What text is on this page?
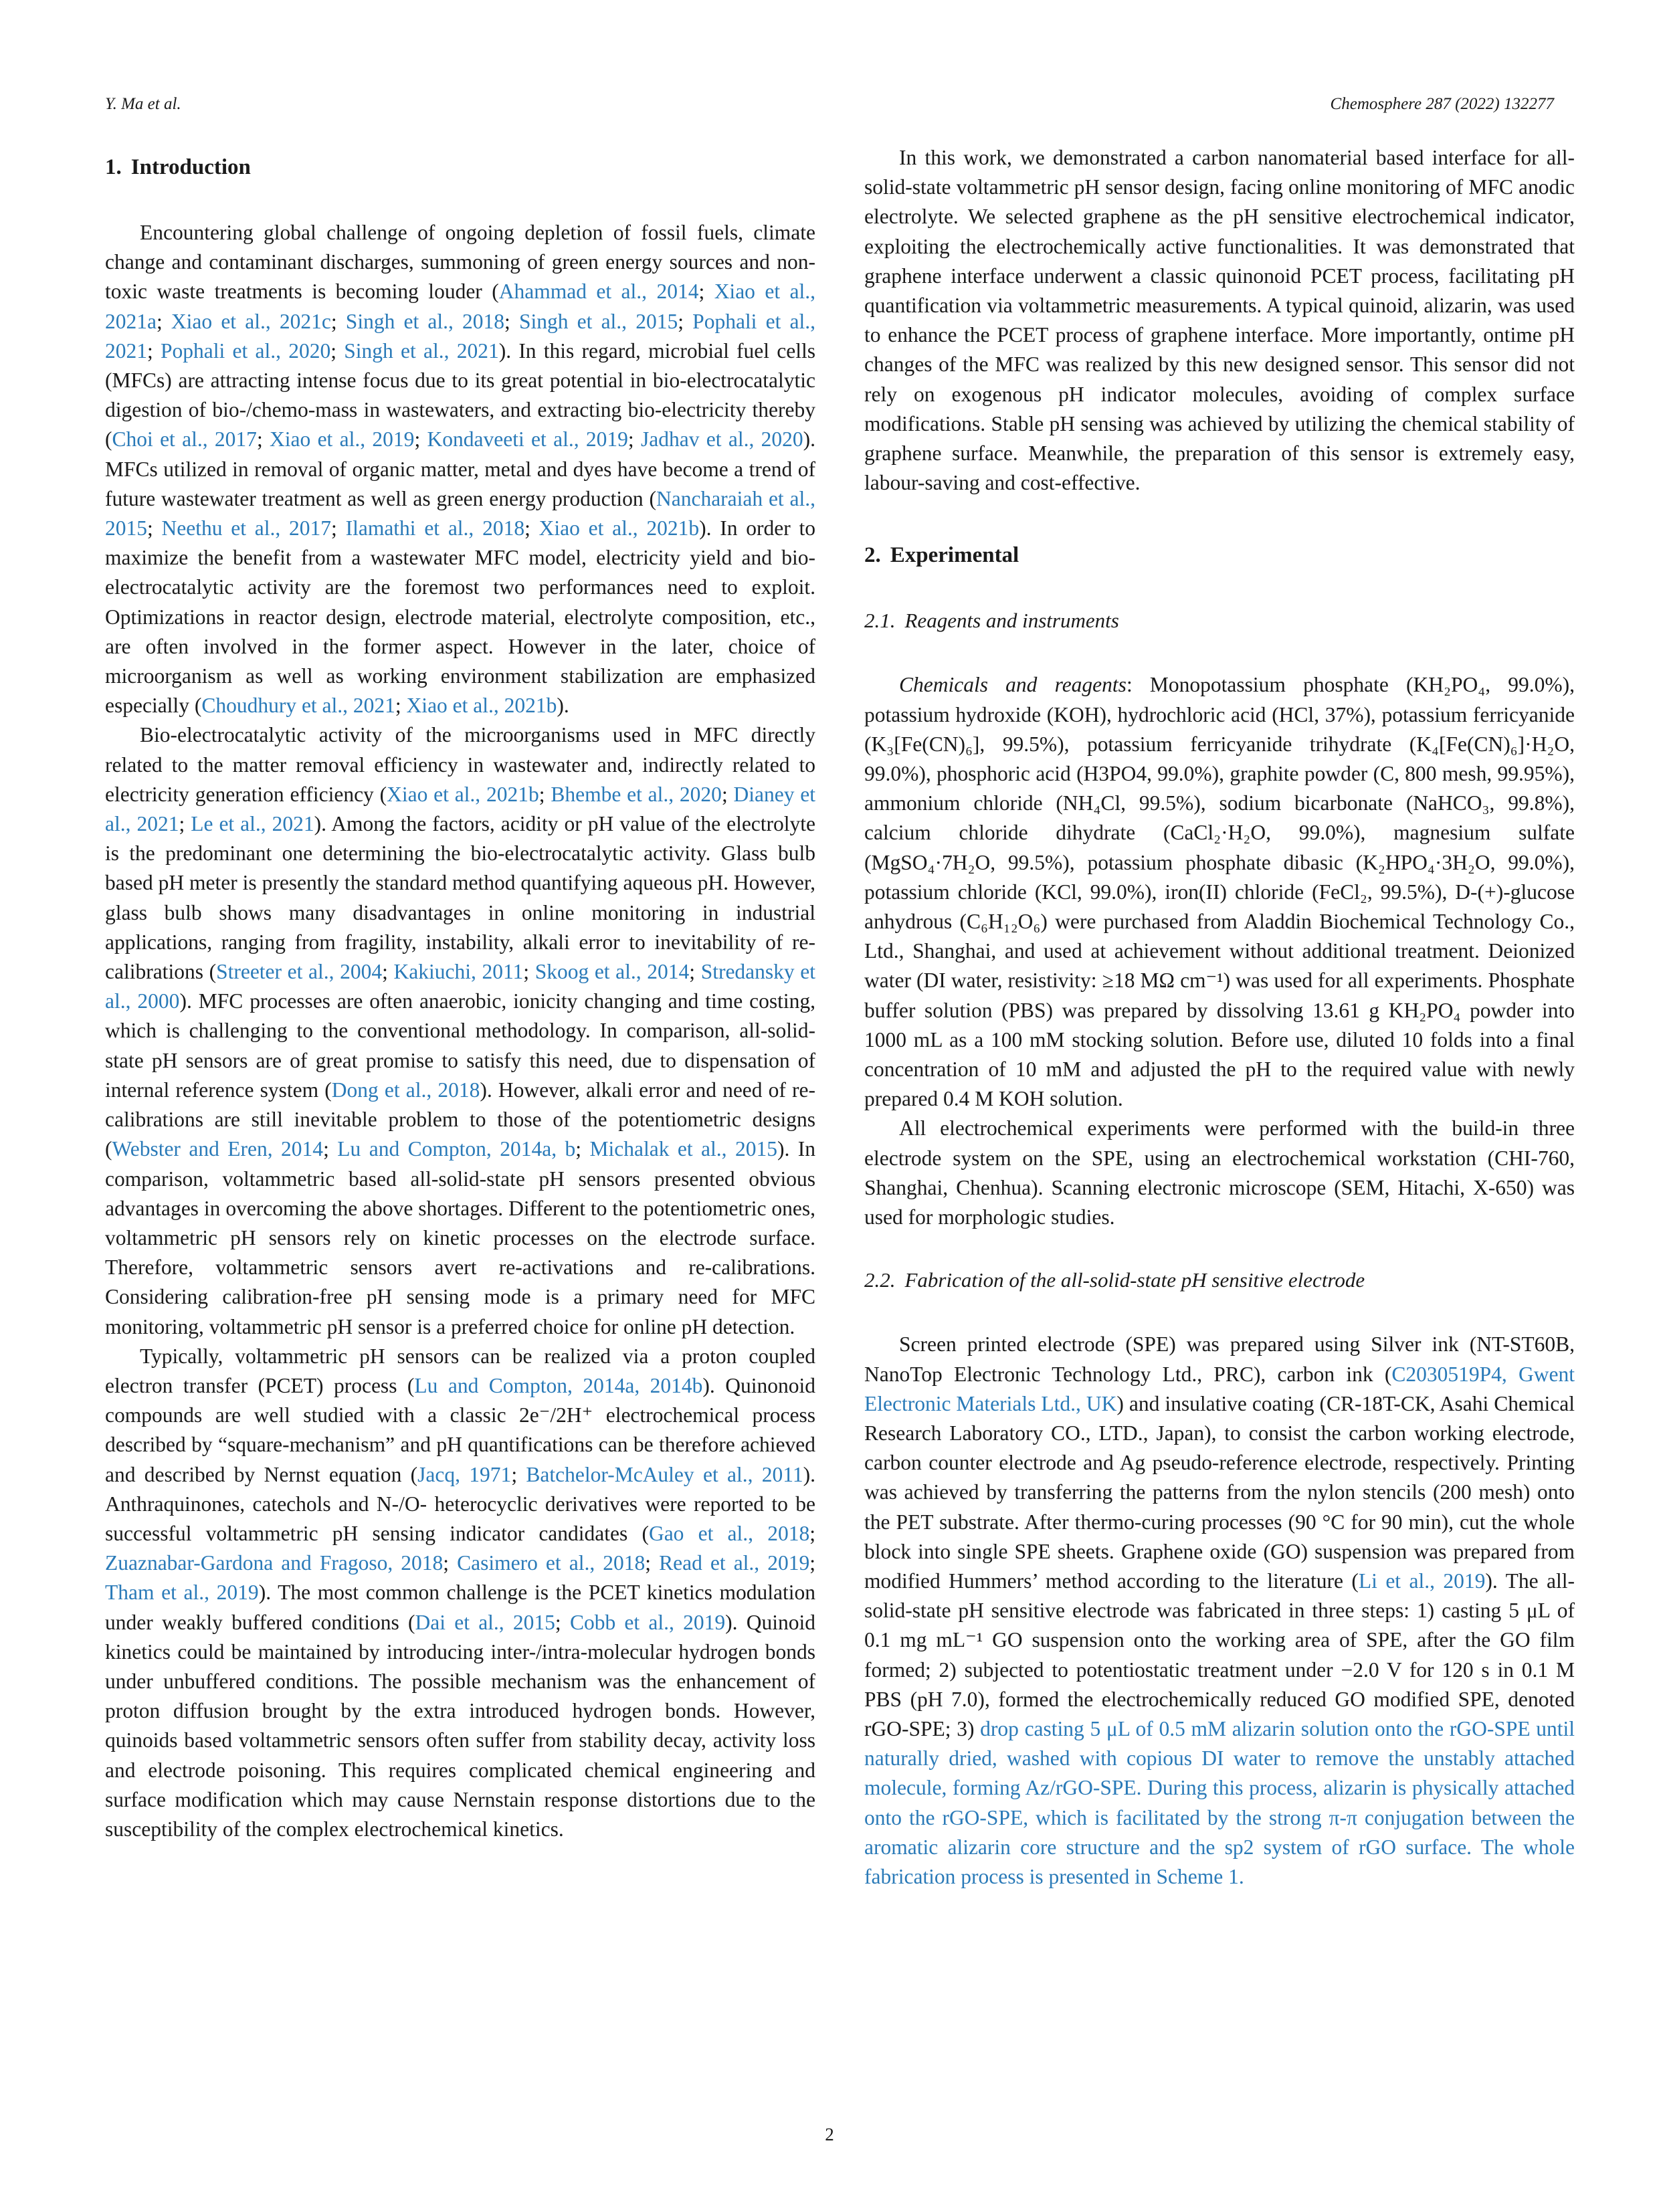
Y. Ma et al.	Chemosphere 287 (2022) 132277
1. Introduction

Encountering global challenge of ongoing depletion of fossil fuels, climate change and contaminant discharges, summoning of green energy sources and non-toxic waste treatments is becoming louder (Ahammad et al., 2014; Xiao et al., 2021a; Xiao et al., 2021c; Singh et al., 2018; Singh et al., 2015; Pophali et al., 2021; Pophali et al., 2020; Singh et al., 2021). In this regard, microbial fuel cells (MFCs) are attracting intense focus due to its great potential in bio-electrocatalytic digestion of bio-/chemo-mass in wastewaters, and extracting bio-electricity thereby (Choi et al., 2017; Xiao et al., 2019; Kondaveeti et al., 2019; Jadhav et al., 2020). MFCs utilized in removal of organic matter, metal and dyes have become a trend of future wastewater treatment as well as green energy production (Nancharaiah et al., 2015; Neethu et al., 2017; Ilamathi et al., 2018; Xiao et al., 2021b). In order to maximize the benefit from a wastewater MFC model, electricity yield and bio-electrocatalytic activity are the foremost two performances need to exploit. Optimizations in reactor design, electrode material, electrolyte composition, etc., are often involved in the former aspect. However in the later, choice of microorganism as well as working environment stabilization are emphasized especially (Choudhury et al., 2021; Xiao et al., 2021b).

Bio-electrocatalytic activity of the microorganisms used in MFC directly related to the matter removal efficiency in wastewater and, indirectly related to electricity generation efficiency (Xiao et al., 2021b; Bhembe et al., 2020; Dianey et al., 2021; Le et al., 2021). Among the factors, acidity or pH value of the electrolyte is the predominant one determining the bio-electrocatalytic activity. Glass bulb based pH meter is presently the standard method quantifying aqueous pH. However, glass bulb shows many disadvantages in online monitoring in industrial applications, ranging from fragility, instability, alkali error to inevitability of re-calibrations (Streeter et al., 2004; Kakiuchi, 2011; Skoog et al., 2014; Stredansky et al., 2000). MFC processes are often anaerobic, ionicity changing and time costing, which is challenging to the conventional methodology. In comparison, all-solid-state pH sensors are of great promise to satisfy this need, due to dispensation of internal reference system (Dong et al., 2018). However, alkali error and need of re-calibrations are still inevitable problem to those of the potentiometric designs (Webster and Eren, 2014; Lu and Compton, 2014a, b; Michalak et al., 2015). In comparison, voltammetric based all-solid-state pH sensors presented obvious advantages in overcoming the above shortages. Different to the potentiometric ones, voltammetric pH sensors rely on kinetic processes on the electrode surface. Therefore, voltammetric sensors avert re-activations and re-calibrations. Considering calibration-free pH sensing mode is a primary need for MFC monitoring, voltammetric pH sensor is a preferred choice for online pH detection.

Typically, voltammetric pH sensors can be realized via a proton coupled electron transfer (PCET) process (Lu and Compton, 2014a, 2014b). Quinonoid compounds are well studied with a classic 2e⁻/2H⁺ electrochemical process described by “square-mechanism” and pH quantifications can be therefore achieved and described by Nernst equation (Jacq, 1971; Batchelor-McAuley et al., 2011). Anthraquinones, catechols and N-/O- heterocyclic derivatives were reported to be successful voltammetric pH sensing indicator candidates (Gao et al., 2018; Zuaznabar-Gardona and Fragoso, 2018; Casimero et al., 2018; Read et al., 2019; Tham et al., 2019). The most common challenge is the PCET kinetics modulation under weakly buffered conditions (Dai et al., 2015; Cobb et al., 2019). Quinoid kinetics could be maintained by introducing inter-/intra-molecular hydrogen bonds under unbuffered conditions. The possible mechanism was the enhancement of proton diffusion brought by the extra introduced hydrogen bonds. However, quinoids based voltammetric sensors often suffer from stability decay, activity loss and electrode poisoning. This requires complicated chemical engineering and surface modification which may cause Nernstain response distortions due to the susceptibility of the complex electrochemical kinetics.

In this work, we demonstrated a carbon nanomaterial based interface for all-solid-state voltammetric pH sensor design, facing online monitoring of MFC anodic electrolyte. We selected graphene as the pH sensitive electrochemical indicator, exploiting the electrochemically active functionalities. It was demonstrated that graphene interface underwent a classic quinonoid PCET process, facilitating pH quantification via voltammetric measurements. A typical quinoid, alizarin, was used to enhance the PCET process of graphene interface. More importantly, ontime pH changes of the MFC was realized by this new designed sensor. This sensor did not rely on exogenous pH indicator molecules, avoiding of complex surface modifications. Stable pH sensing was achieved by utilizing the chemical stability of graphene surface. Meanwhile, the preparation of this sensor is extremely easy, labour-saving and cost-effective.

2. Experimental
2.1. Reagents and instruments

Chemicals and reagents: Monopotassium phosphate (KH₂PO₄, 99.0%), potassium hydroxide (KOH), hydrochloric acid (HCl, 37%), potassium ferricyanide (K₃[Fe(CN)₆], 99.5%), potassium ferricyanide trihydrate (K₄[Fe(CN)₆]·H₂O, 99.0%), phosphoric acid (H3PO4, 99.0%), graphite powder (C, 800 mesh, 99.95%), ammonium chloride (NH₄Cl, 99.5%), sodium bicarbonate (NaHCO₃, 99.8%), calcium chloride dihydrate (CaCl₂·H₂O, 99.0%), magnesium sulfate (MgSO₄·7H₂O, 99.5%), potassium phosphate dibasic (K₂HPO₄·3H₂O, 99.0%), potassium chloride (KCl, 99.0%), iron(II) chloride (FeCl₂, 99.5%), D-(+)-glucose anhydrous (C₆H₁₂O₆) were purchased from Aladdin Biochemical Technology Co., Ltd., Shanghai, and used at achievement without additional treatment. Deionized water (DI water, resistivity: ≥18 MΩ cm⁻¹) was used for all experiments. Phosphate buffer solution (PBS) was prepared by dissolving 13.61 g KH₂PO₄ powder into 1000 mL as a 100 mM stocking solution. Before use, diluted 10 folds into a final concentration of 10 mM and adjusted the pH to the required value with newly prepared 0.4 M KOH solution.

All electrochemical experiments were performed with the build-in three electrode system on the SPE, using an electrochemical workstation (CHI-760, Shanghai, Chenhua). Scanning electronic microscope (SEM, Hitachi, X-650) was used for morphologic studies.

2.2. Fabrication of the all-solid-state pH sensitive electrode

Screen printed electrode (SPE) was prepared using Silver ink (NT-ST60B, NanoTop Electronic Technology Ltd., PRC), carbon ink (C2030519P4, Gwent Electronic Materials Ltd., UK) and insulative coating (CR-18T-CK, Asahi Chemical Research Laboratory CO., LTD., Japan), to consist the carbon working electrode, carbon counter electrode and Ag pseudo-reference electrode, respectively. Printing was achieved by transferring the patterns from the nylon stencils (200 mesh) onto the PET substrate. After thermo-curing processes (90 °C for 90 min), cut the whole block into single SPE sheets. Graphene oxide (GO) suspension was prepared from modified Hummers’ method according to the literature (Li et al., 2019). The all-solid-state pH sensitive electrode was fabricated in three steps: 1) casting 5 μL of 0.1 mg mL⁻¹ GO suspension onto the working area of SPE, after the GO film formed; 2) subjected to potentiostatic treatment under −2.0 V for 120 s in 0.1 M PBS (pH 7.0), formed the electrochemically reduced GO modified SPE, denoted rGO-SPE; 3) drop casting 5 μL of 0.5 mM alizarin solution onto the rGO-SPE until naturally dried, washed with copious DI water to remove the unstably attached molecule, forming Az/rGO-SPE. During this process, alizarin is physically attached onto the rGO-SPE, which is facilitated by the strong π-π conjugation between the aromatic alizarin core structure and the sp2 system of rGO surface. The whole fabrication process is presented in Scheme 1.

2
